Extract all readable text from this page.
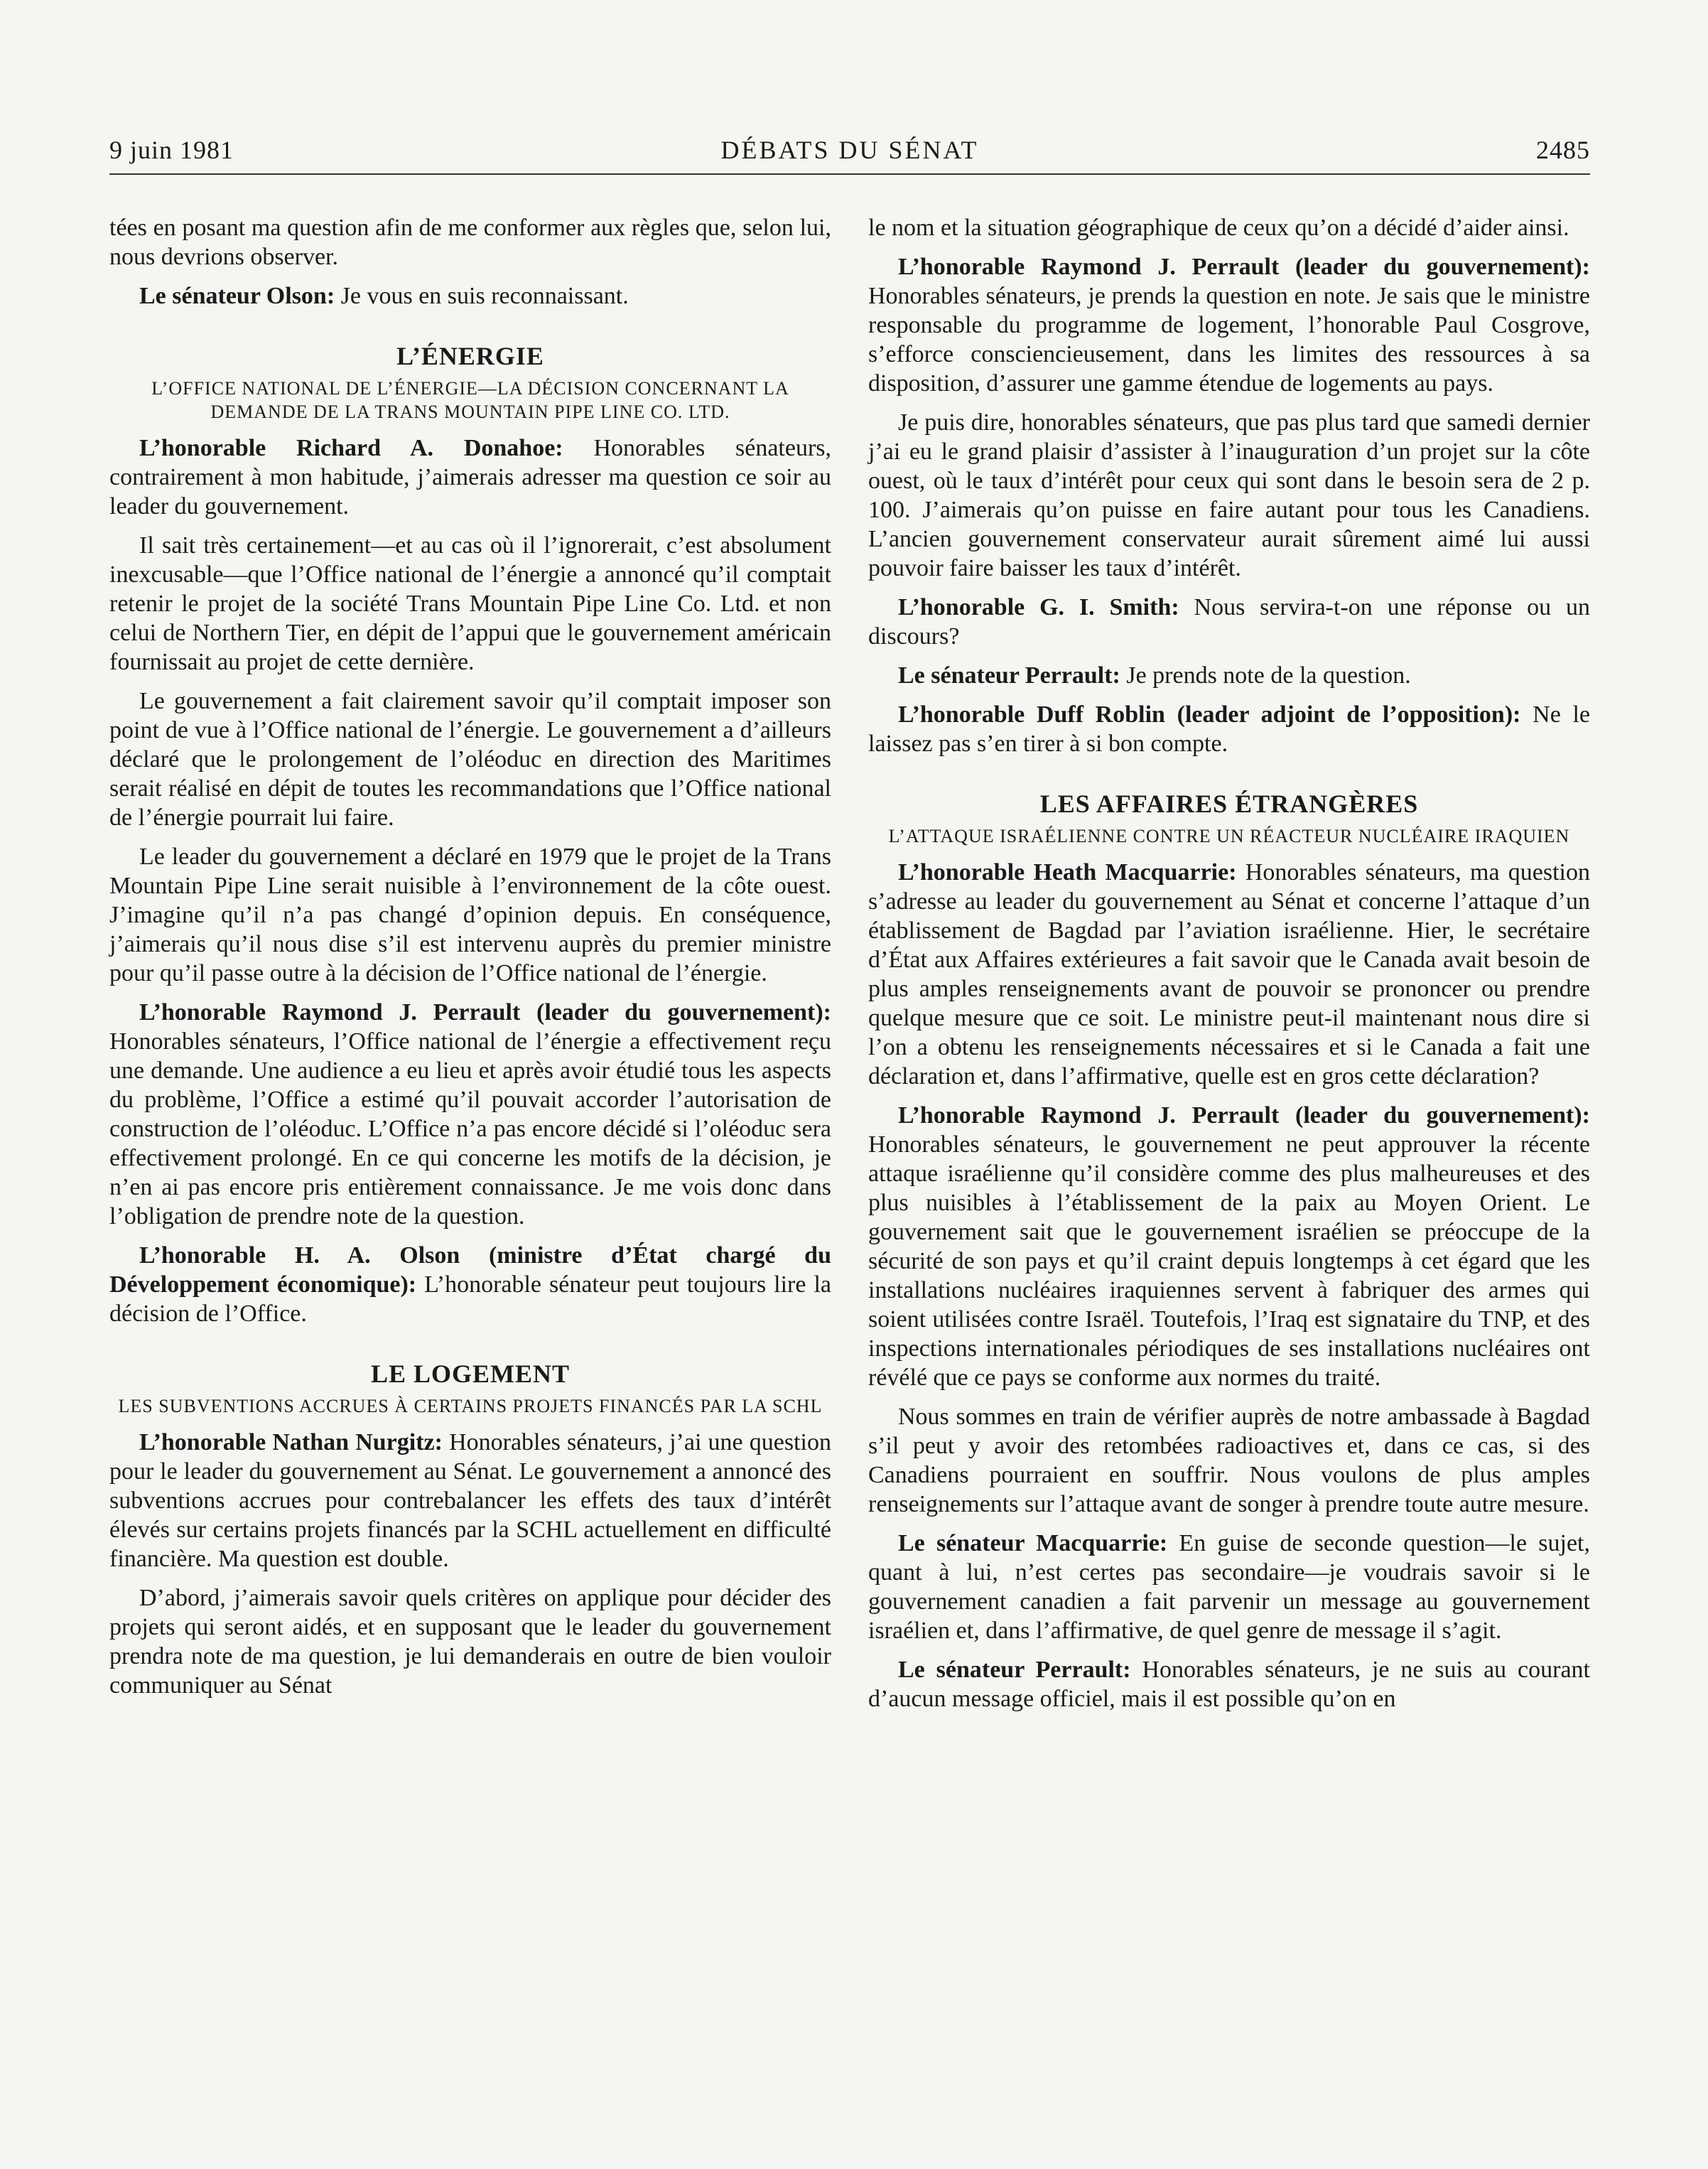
9 juin 1981	DÉBATS DU SÉNAT	2485

tées en posant ma question afin de me conformer aux règles que, selon lui, nous devrions observer.

Le sénateur Olson: Je vous en suis reconnaissant.

L’ÉNERGIE
L’OFFICE NATIONAL DE L’ÉNERGIE—LA DÉCISION CONCERNANT LA DEMANDE DE LA TRANS MOUNTAIN PIPE LINE CO. LTD.

L’honorable Richard A. Donahoe: Honorables sénateurs, contrairement à mon habitude, j’aimerais adresser ma question ce soir au leader du gouvernement.

Il sait très certainement—et au cas où il l’ignorerait, c’est absolument inexcusable—que l’Office national de l’énergie a annoncé qu’il comptait retenir le projet de la société Trans Mountain Pipe Line Co. Ltd. et non celui de Northern Tier, en dépit de l’appui que le gouvernement américain fournissait au projet de cette dernière.

Le gouvernement a fait clairement savoir qu’il comptait imposer son point de vue à l’Office national de l’énergie. Le gouvernement a d’ailleurs déclaré que le prolongement de l’oléoduc en direction des Maritimes serait réalisé en dépit de toutes les recommandations que l’Office national de l’énergie pourrait lui faire.

Le leader du gouvernement a déclaré en 1979 que le projet de la Trans Mountain Pipe Line serait nuisible à l’environnement de la côte ouest. J’imagine qu’il n’a pas changé d’opinion depuis. En conséquence, j’aimerais qu’il nous dise s’il est intervenu auprès du premier ministre pour qu’il passe outre à la décision de l’Office national de l’énergie.

L’honorable Raymond J. Perrault (leader du gouvernement): Honorables sénateurs, l’Office national de l’énergie a effectivement reçu une demande. Une audience a eu lieu et après avoir étudié tous les aspects du problème, l’Office a estimé qu’il pouvait accorder l’autorisation de construction de l’oléoduc. L’Office n’a pas encore décidé si l’oléoduc sera effectivement prolongé. En ce qui concerne les motifs de la décision, je n’en ai pas encore pris entièrement connaissance. Je me vois donc dans l’obligation de prendre note de la question.

L’honorable H. A. Olson (ministre d’État chargé du Développement économique): L’honorable sénateur peut toujours lire la décision de l’Office.

LE LOGEMENT
LES SUBVENTIONS ACCRUES À CERTAINS PROJETS FINANCÉS PAR LA SCHL

L’honorable Nathan Nurgitz: Honorables sénateurs, j’ai une question pour le leader du gouvernement au Sénat. Le gouvernement a annoncé des subventions accrues pour contrebalancer les effets des taux d’intérêt élevés sur certains projets financés par la SCHL actuellement en difficulté financière. Ma question est double.

D’abord, j’aimerais savoir quels critères on applique pour décider des projets qui seront aidés, et en supposant que le leader du gouvernement prendra note de ma question, je lui demanderais en outre de bien vouloir communiquer au Sénat

le nom et la situation géographique de ceux qu’on a décidé d’aider ainsi.

L’honorable Raymond J. Perrault (leader du gouvernement): Honorables sénateurs, je prends la question en note. Je sais que le ministre responsable du programme de logement, l’honorable Paul Cosgrove, s’efforce consciencieusement, dans les limites des ressources à sa disposition, d’assurer une gamme étendue de logements au pays.

Je puis dire, honorables sénateurs, que pas plus tard que samedi dernier j’ai eu le grand plaisir d’assister à l’inauguration d’un projet sur la côte ouest, où le taux d’intérêt pour ceux qui sont dans le besoin sera de 2 p. 100. J’aimerais qu’on puisse en faire autant pour tous les Canadiens. L’ancien gouvernement conservateur aurait sûrement aimé lui aussi pouvoir faire baisser les taux d’intérêt.

L’honorable G. I. Smith: Nous servira-t-on une réponse ou un discours?

Le sénateur Perrault: Je prends note de la question.

L’honorable Duff Roblin (leader adjoint de l’opposition): Ne le laissez pas s’en tirer à si bon compte.

LES AFFAIRES ÉTRANGÈRES
L’ATTAQUE ISRAÉLIENNE CONTRE UN RÉACTEUR NUCLÉAIRE IRAQUIEN

L’honorable Heath Macquarrie: Honorables sénateurs, ma question s’adresse au leader du gouvernement au Sénat et concerne l’attaque d’un établissement de Bagdad par l’aviation israélienne. Hier, le secrétaire d’État aux Affaires extérieures a fait savoir que le Canada avait besoin de plus amples renseignements avant de pouvoir se prononcer ou prendre quelque mesure que ce soit. Le ministre peut-il maintenant nous dire si l’on a obtenu les renseignements nécessaires et si le Canada a fait une déclaration et, dans l’affirmative, quelle est en gros cette déclaration?

L’honorable Raymond J. Perrault (leader du gouvernement): Honorables sénateurs, le gouvernement ne peut approuver la récente attaque israélienne qu’il considère comme des plus malheureuses et des plus nuisibles à l’établissement de la paix au Moyen Orient. Le gouvernement sait que le gouvernement israélien se préoccupe de la sécurité de son pays et qu’il craint depuis longtemps à cet égard que les installations nucléaires iraquiennes servent à fabriquer des armes qui soient utilisées contre Israël. Toutefois, l’Iraq est signataire du TNP, et des inspections internationales périodiques de ses installations nucléaires ont révélé que ce pays se conforme aux normes du traité.

Nous sommes en train de vérifier auprès de notre ambassade à Bagdad s’il peut y avoir des retombées radioactives et, dans ce cas, si des Canadiens pourraient en souffrir. Nous voulons de plus amples renseignements sur l’attaque avant de songer à prendre toute autre mesure.

Le sénateur Macquarrie: En guise de seconde question—le sujet, quant à lui, n’est certes pas secondaire—je voudrais savoir si le gouvernement canadien a fait parvenir un message au gouvernement israélien et, dans l’affirmative, de quel genre de message il s’agit.

Le sénateur Perrault: Honorables sénateurs, je ne suis au courant d’aucun message officiel, mais il est possible qu’on en
